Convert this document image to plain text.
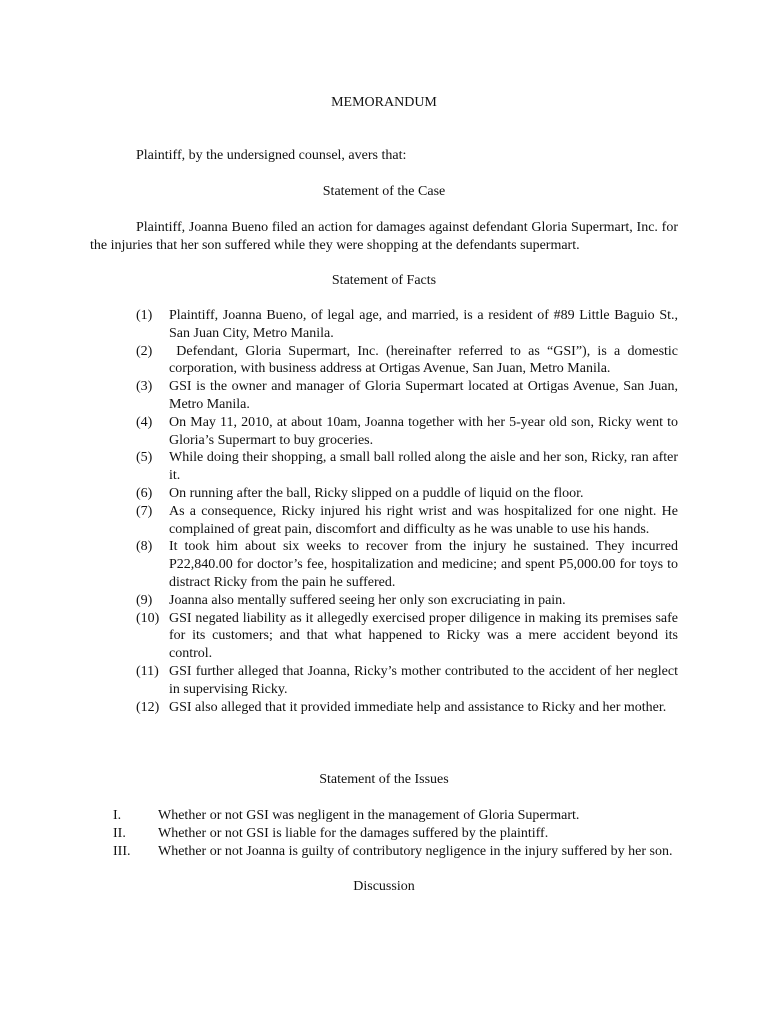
MEMORANDUM

Plaintiff, by the undersigned counsel, avers that:

Statement of the Case

Plaintiff, Joanna Bueno filed an action for damages against defendant Gloria Supermart, Inc. for the injuries that her son suffered while they were shopping at the defendants supermart.

Statement of Facts
(1) Plaintiff, Joanna Bueno, of legal age, and married, is a resident of #89 Little Baguio St., San Juan City, Metro Manila.
(2) Defendant, Gloria Supermart, Inc. (hereinafter referred to as “GSI”), is a domestic corporation, with business address at Ortigas Avenue, San Juan, Metro Manila.
(3) GSI is the owner and manager of Gloria Supermart located at Ortigas Avenue, San Juan, Metro Manila.
(4) On May 11, 2010, at about 10am, Joanna together with her 5-year old son, Ricky went to Gloria’s Supermart to buy groceries.
(5) While doing their shopping, a small ball rolled along the aisle and her son, Ricky, ran after it.
(6) On running after the ball, Ricky slipped on a puddle of liquid on the floor.
(7) As a consequence, Ricky injured his right wrist and was hospitalized for one night. He complained of great pain, discomfort and difficulty as he was unable to use his hands.
(8) It took him about six weeks to recover from the injury he sustained. They incurred P22,840.00 for doctor’s fee, hospitalization and medicine; and spent P5,000.00 for toys to distract Ricky from the pain he suffered.
(9) Joanna also mentally suffered seeing her only son excruciating in pain.
(10) GSI negated liability as it allegedly exercised proper diligence in making its premises safe for its customers; and that what happened to Ricky was a mere accident beyond its control.
(11) GSI further alleged that Joanna, Ricky’s mother contributed to the accident of her neglect in supervising Ricky.
(12) GSI also alleged that it provided immediate help and assistance to Ricky and her mother.
Statement of the Issues
I.	Whether or not GSI was negligent in the management of Gloria Supermart.
II. Whether or not GSI is liable for the damages suffered by the plaintiff.
III. Whether or not Joanna is guilty of contributory negligence in the injury suffered by her son.
Discussion
